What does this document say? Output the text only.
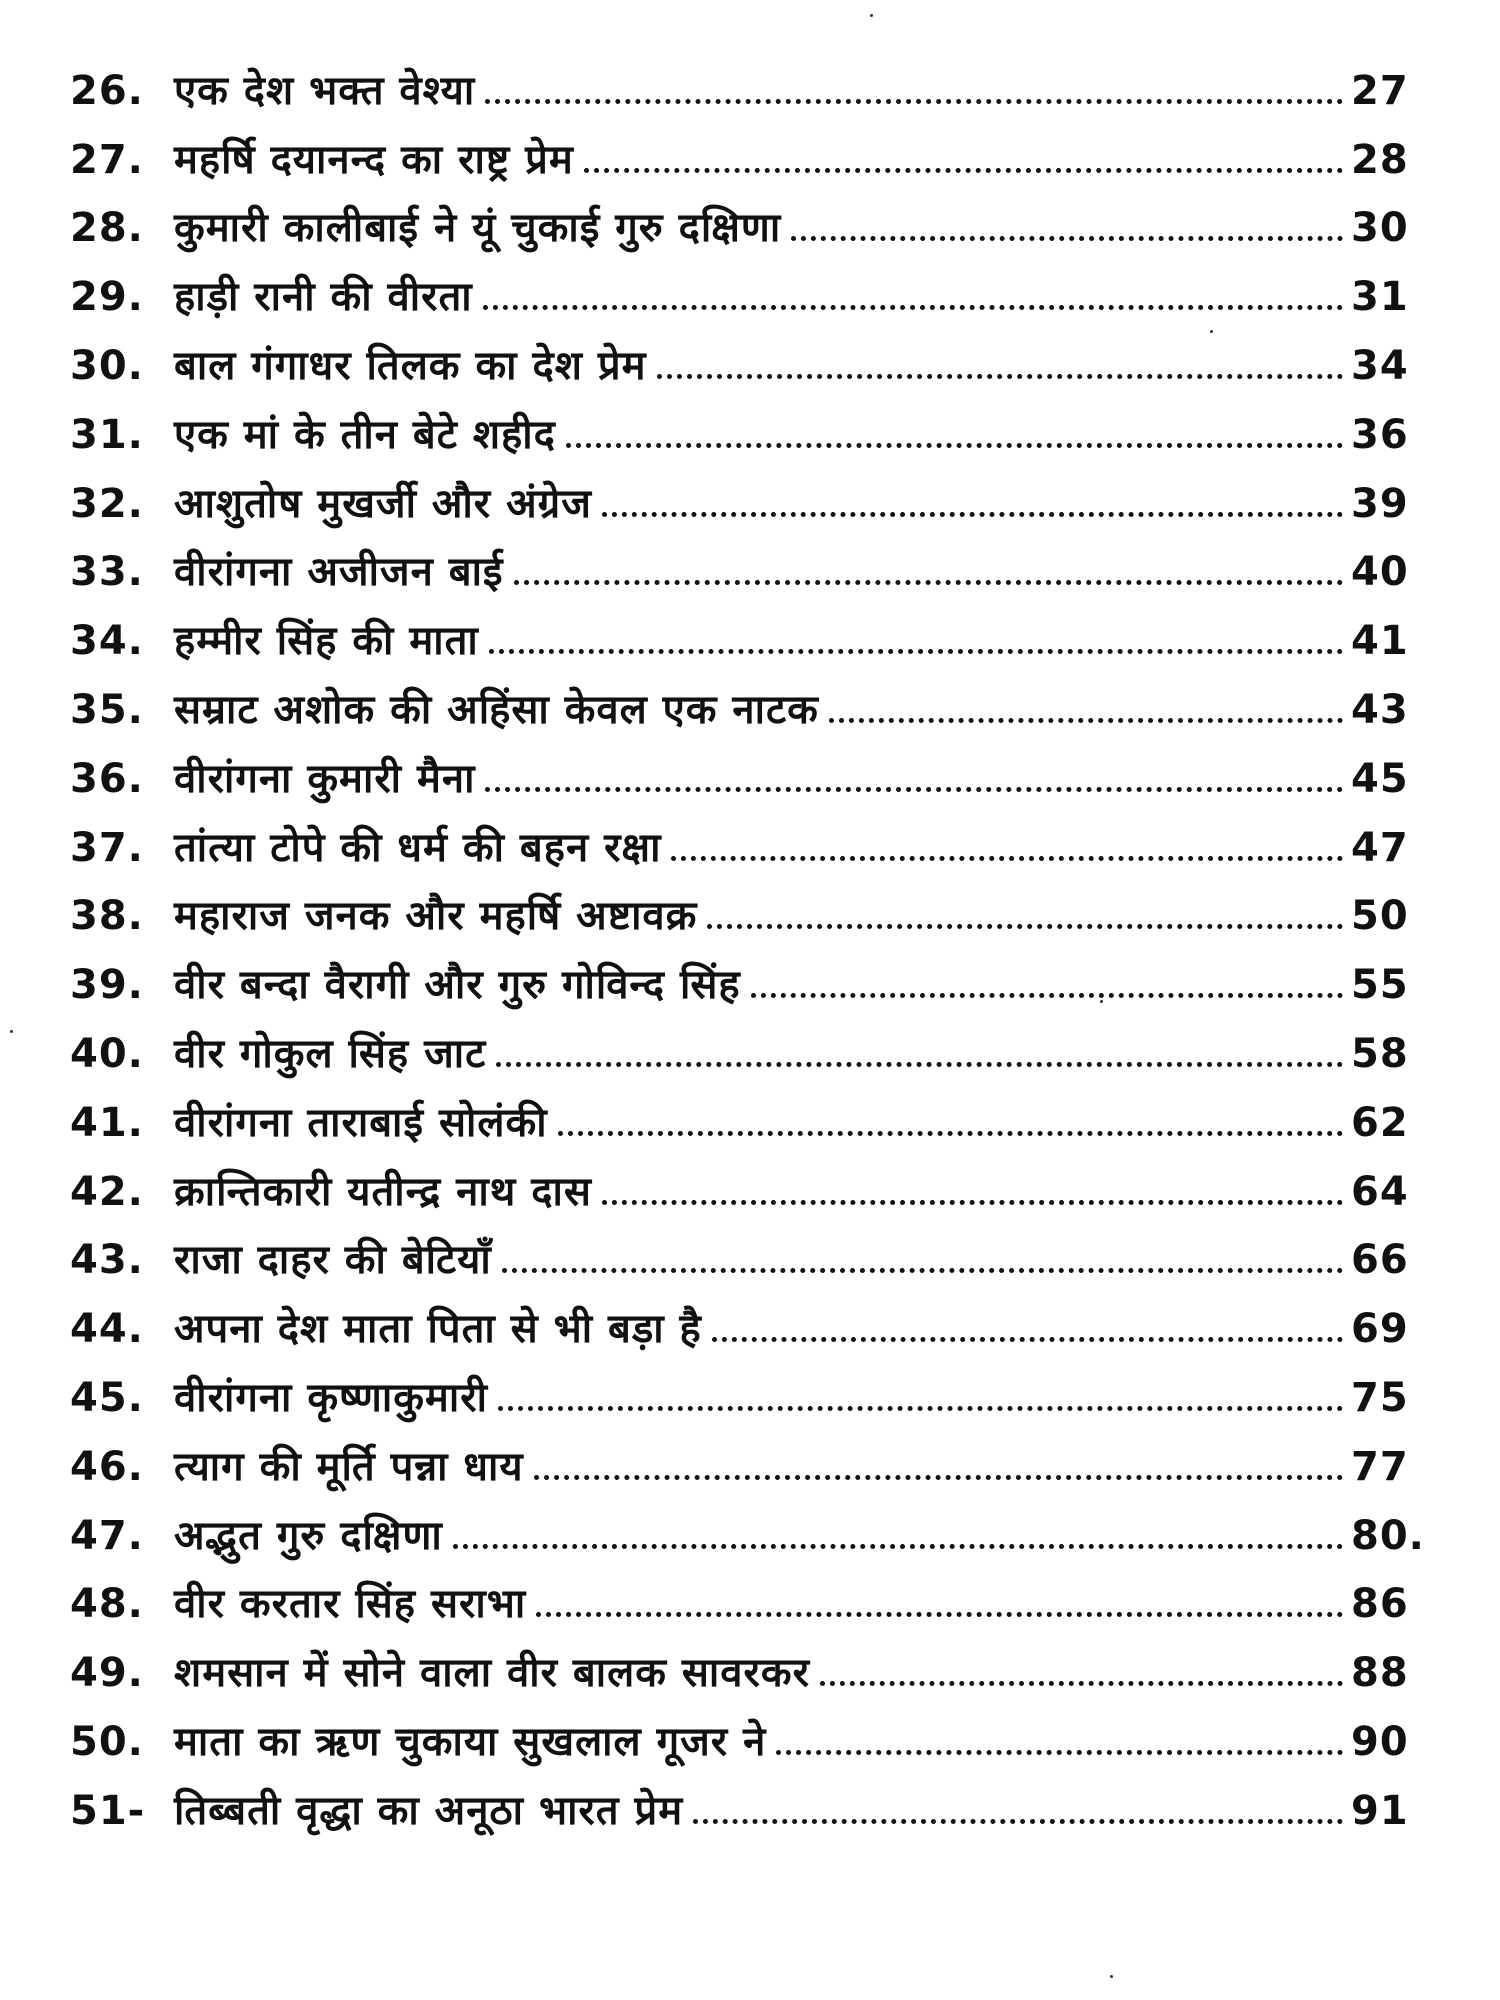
26. एक देश भक्त वेश्या	27
27. महर्षि दयानन्द का राष्ट्र प्रेम	28
28. कुमारी कालीबाई ने यूं चुकाई गुरु दक्षिणा	30
29. हाड़ी रानी की वीरता	31
30. बाल गंगाधर तिलक का देश प्रेम	34
31. एक मां के तीन बेटे शहीद	36
32. आशुतोष मुखर्जी और अंग्रेज	39
33. वीरांगना अजीजन बाई	40
34. हम्मीर सिंह की माता	41
35. सम्राट अशोक की अहिंसा केवल एक नाटक	43
36. वीरांगना कुमारी मैना	45
37. तांत्या टोपे की धर्म की बहन रक्षा	47
38. महाराज जनक और महर्षि अष्टावक्र	50
39. वीर बन्दा वैरागी और गुरु गोविन्द सिंह	55
40. वीर गोकुल सिंह जाट	58
41. वीरांगना ताराबाई सोलंकी	62
42. क्रान्तिकारी यतीन्द्र नाथ दास	64
43. राजा दाहर की बेटियाँ	66
44. अपना देश माता पिता से भी बड़ा है	69
45. वीरांगना कृष्णाकुमारी	75
46. त्याग की मूर्ति पन्ना धाय	77
47. अद्भुत गुरु दक्षिणा	80.
48. वीर करतार सिंह सराभा	86
49. शमसान में सोने वाला वीर बालक सावरकर	88
50. माता का ऋण चुकाया सुखलाल गूजर ने	90
51- तिब्बती वृद्धा का अनूठा भारत प्रेम	91
